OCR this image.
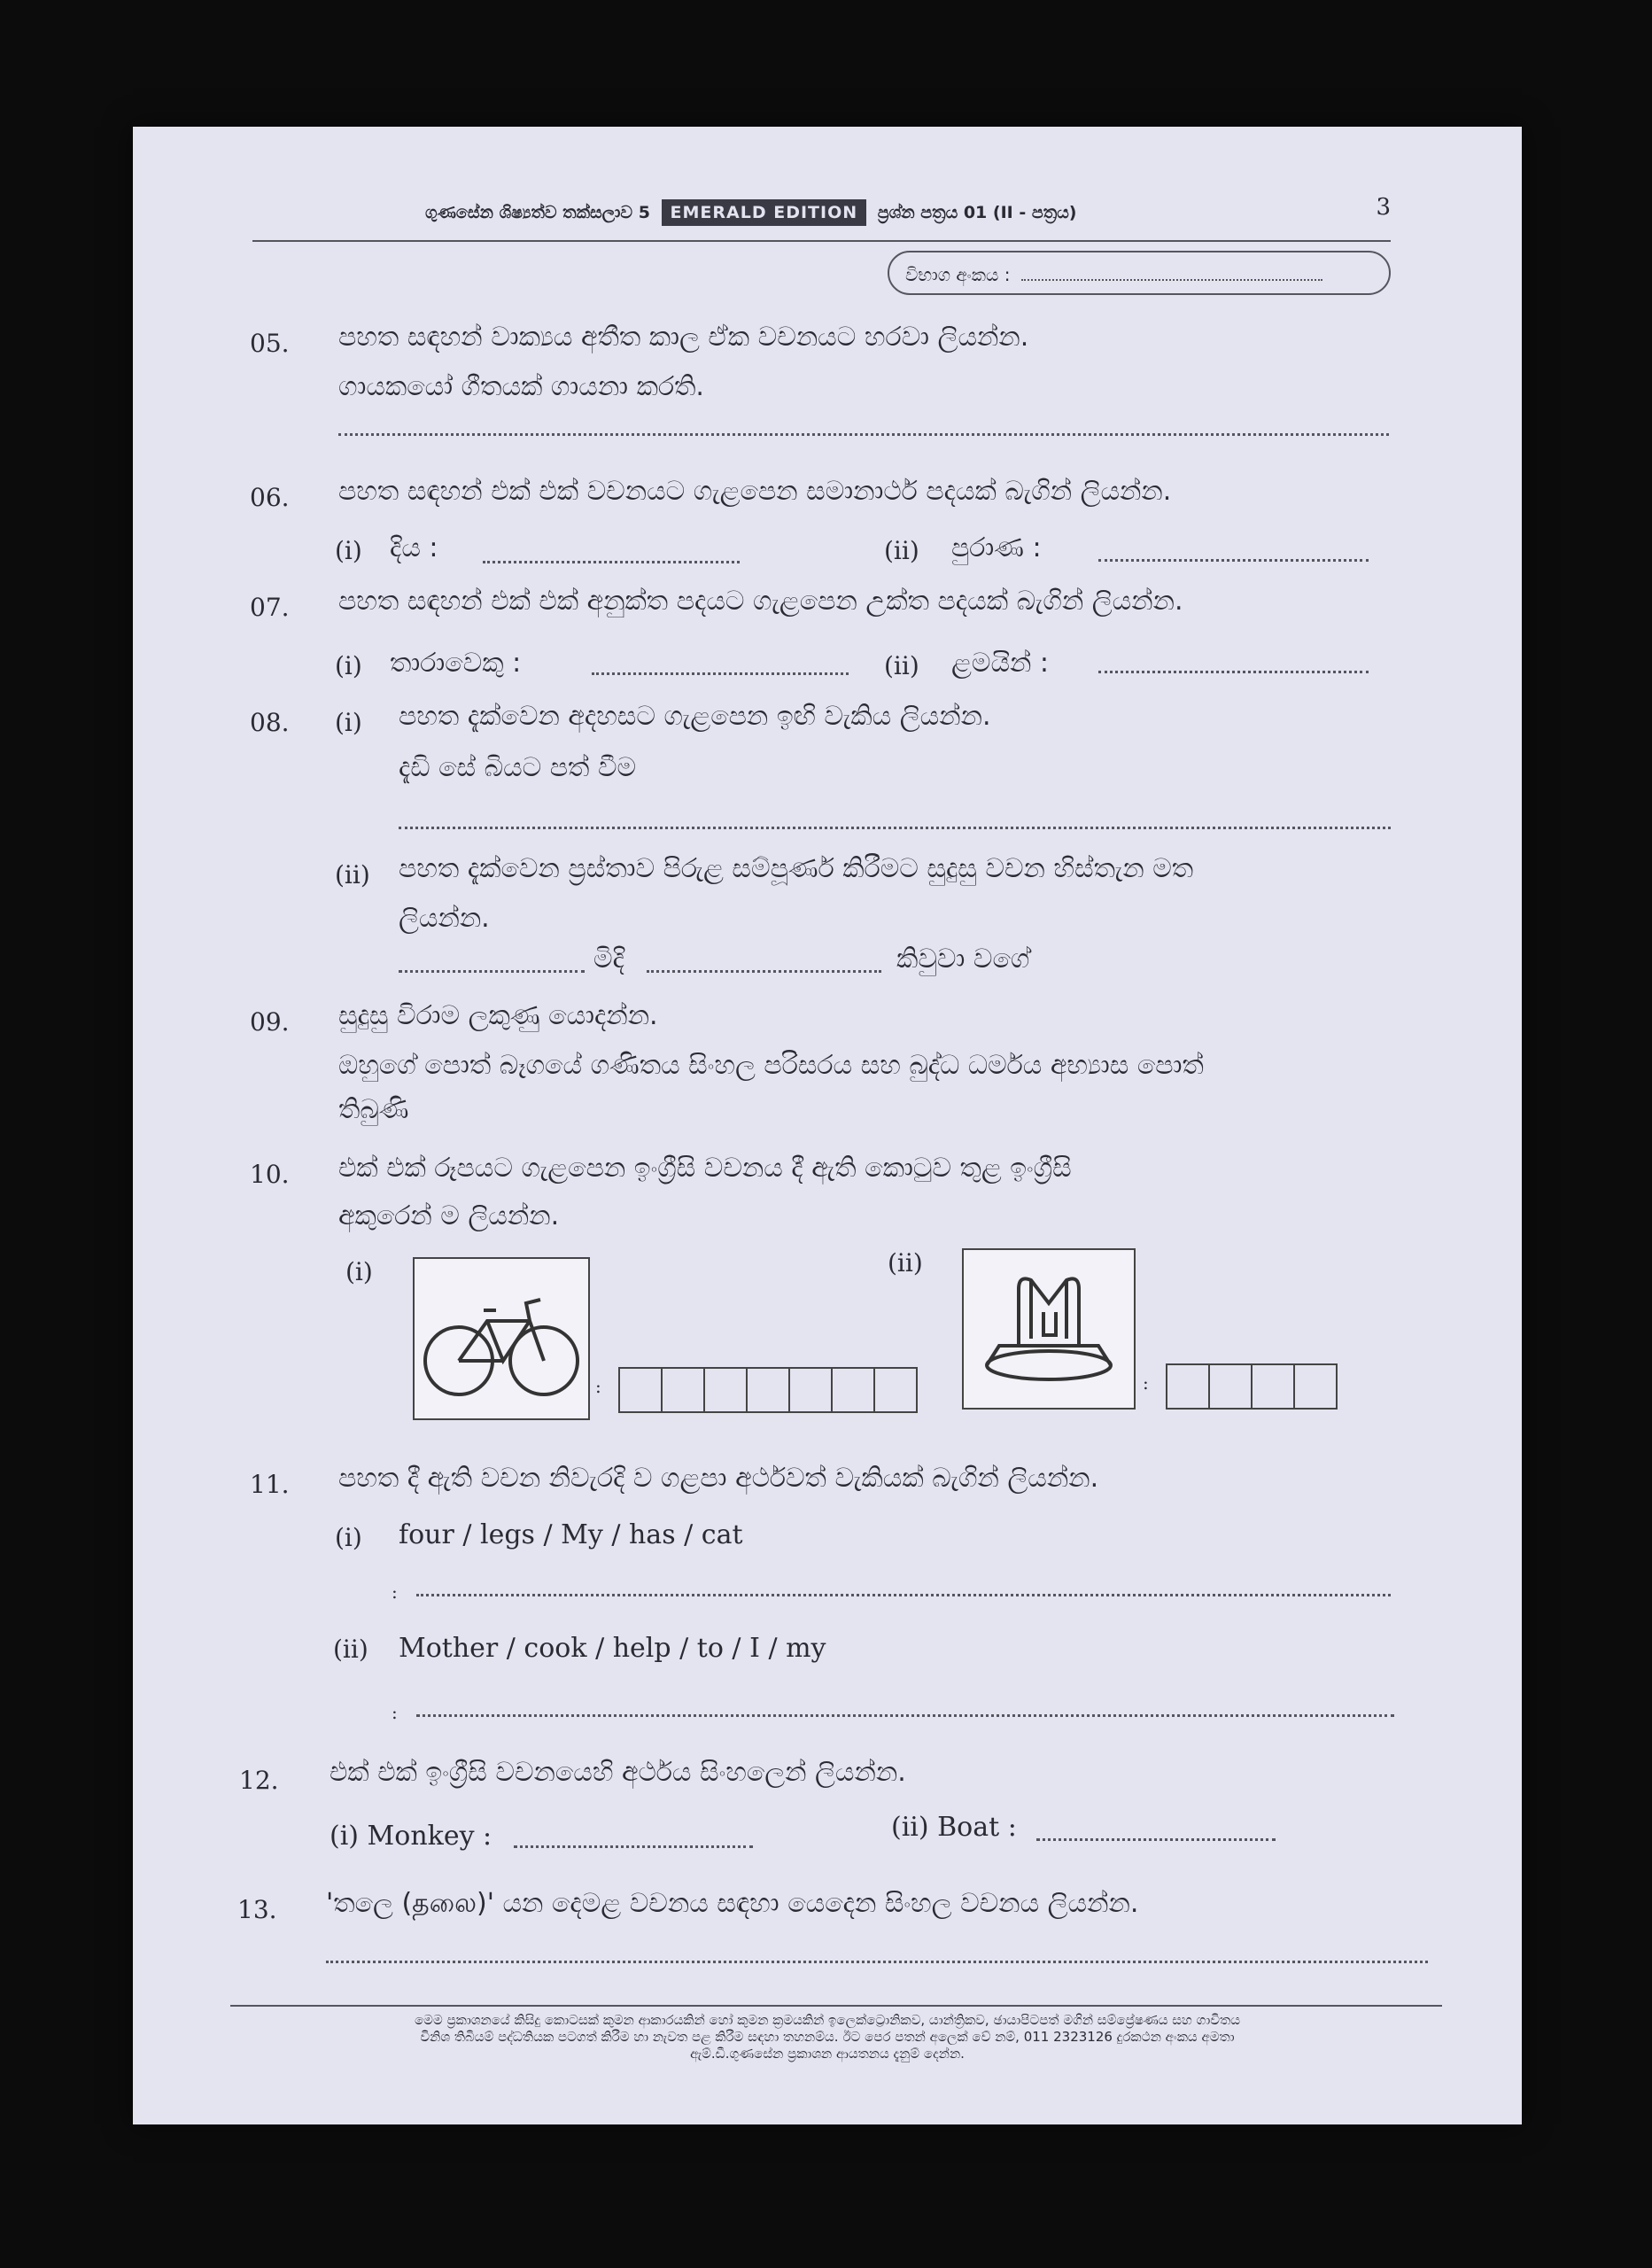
ගුණසේන ශිෂ්‍යත්ව තක්සලාව 5 EMERALD EDITION ප්‍රශ්න පත්‍රය 01 (II - පත්‍රය)	3
විභාග අංකය :
05. පහත සඳහන් වාක්‍යය අතීත කාල ඒක වචනයට හරවා ලියන්න.
ගායකයෝ ගීතයක් ගායනා කරති.
06. පහත සඳහන් එක් එක් වචනයට ගැළපෙන සමානාර්ථ පදයක් බැගින් ලියන්න.
(i) දිය :	(ii) පුරාණ :
07. පහත සඳහන් එක් එක් අනුක්ත පදයට ගැළපෙන උක්ත පදයක් බැගින් ලියන්න.
(i) තාරාවෙකු :	(ii) ළමයින් :
08. (i) පහත දැක්වෙන අදහසට ගැළපෙන ඉඟි වැකිය ලියන්න.
දැඩි සේ බියට පත් වීම
(ii) පහත දැක්වෙන ප්‍රස්තාව පිරුළ සම්පූර්ණ කිරීමට සුදුසු වචන හිස්තැන මත
ලියන්න.
මිදි	කිවුවා වගේ
09. සුදුසු විරාම ලකුණු යොදන්න.
ඔහුගේ පොත් බෑගයේ ගණිතය සිංහල පරිසරය සහ බුද්ධ ධර්මය අභ්‍යාස පොත්
තිබුණි
10. එක් එක් රූපයට ගැළපෙන ඉංග්‍රීසි වචනය දී ඇති කොටුව තුළ ඉංග්‍රීසි
අකුරෙන් ම ලියන්න.
(i)
:
(ii)
:
11. පහත දී ඇති වචන නිවැරදි ව ගළපා අර්ථවත් වැකියක් බැගින් ලියන්න.
(i) four / legs / My / has / cat
:
(ii) Mother / cook / help / to / I / my
:
12. එක් එක් ඉංග්‍රීසි වචනයෙහි අර්ථය සිංහලෙන් ලියන්න.
(i) Monkey :	(ii) Boat :
13. 'තලෙ (தலை)' යන දෙමළ වචනය සඳහා යෙදෙන සිංහල වචනය ලියන්න.
මෙම ප්‍රකාශනයේ කිසිදු කොටසක් කුමන ආකාරයකින් හෝ කුමන ක්‍රමයකින් ඉලෙක්ට්‍රොනිකව, යාන්ත්‍රිකව, ඡායාපිටපත් මගින් සම්ප්‍රේෂණය සහ ගාවිතය
විනිශ තිබියම් පද්ධතියක පටගත් කිරීම හා නැවත පළ කිරීම සඳහා තහනම්ය. ඊට පෙර පතන් අලෙක් වේ නම්, 011 2323126 දුරකථන අංකය අමතා
ඇම්.ඩී.ගුණසේන ප්‍රකාශන ආයතනය දැනුම් දෙන්න.
